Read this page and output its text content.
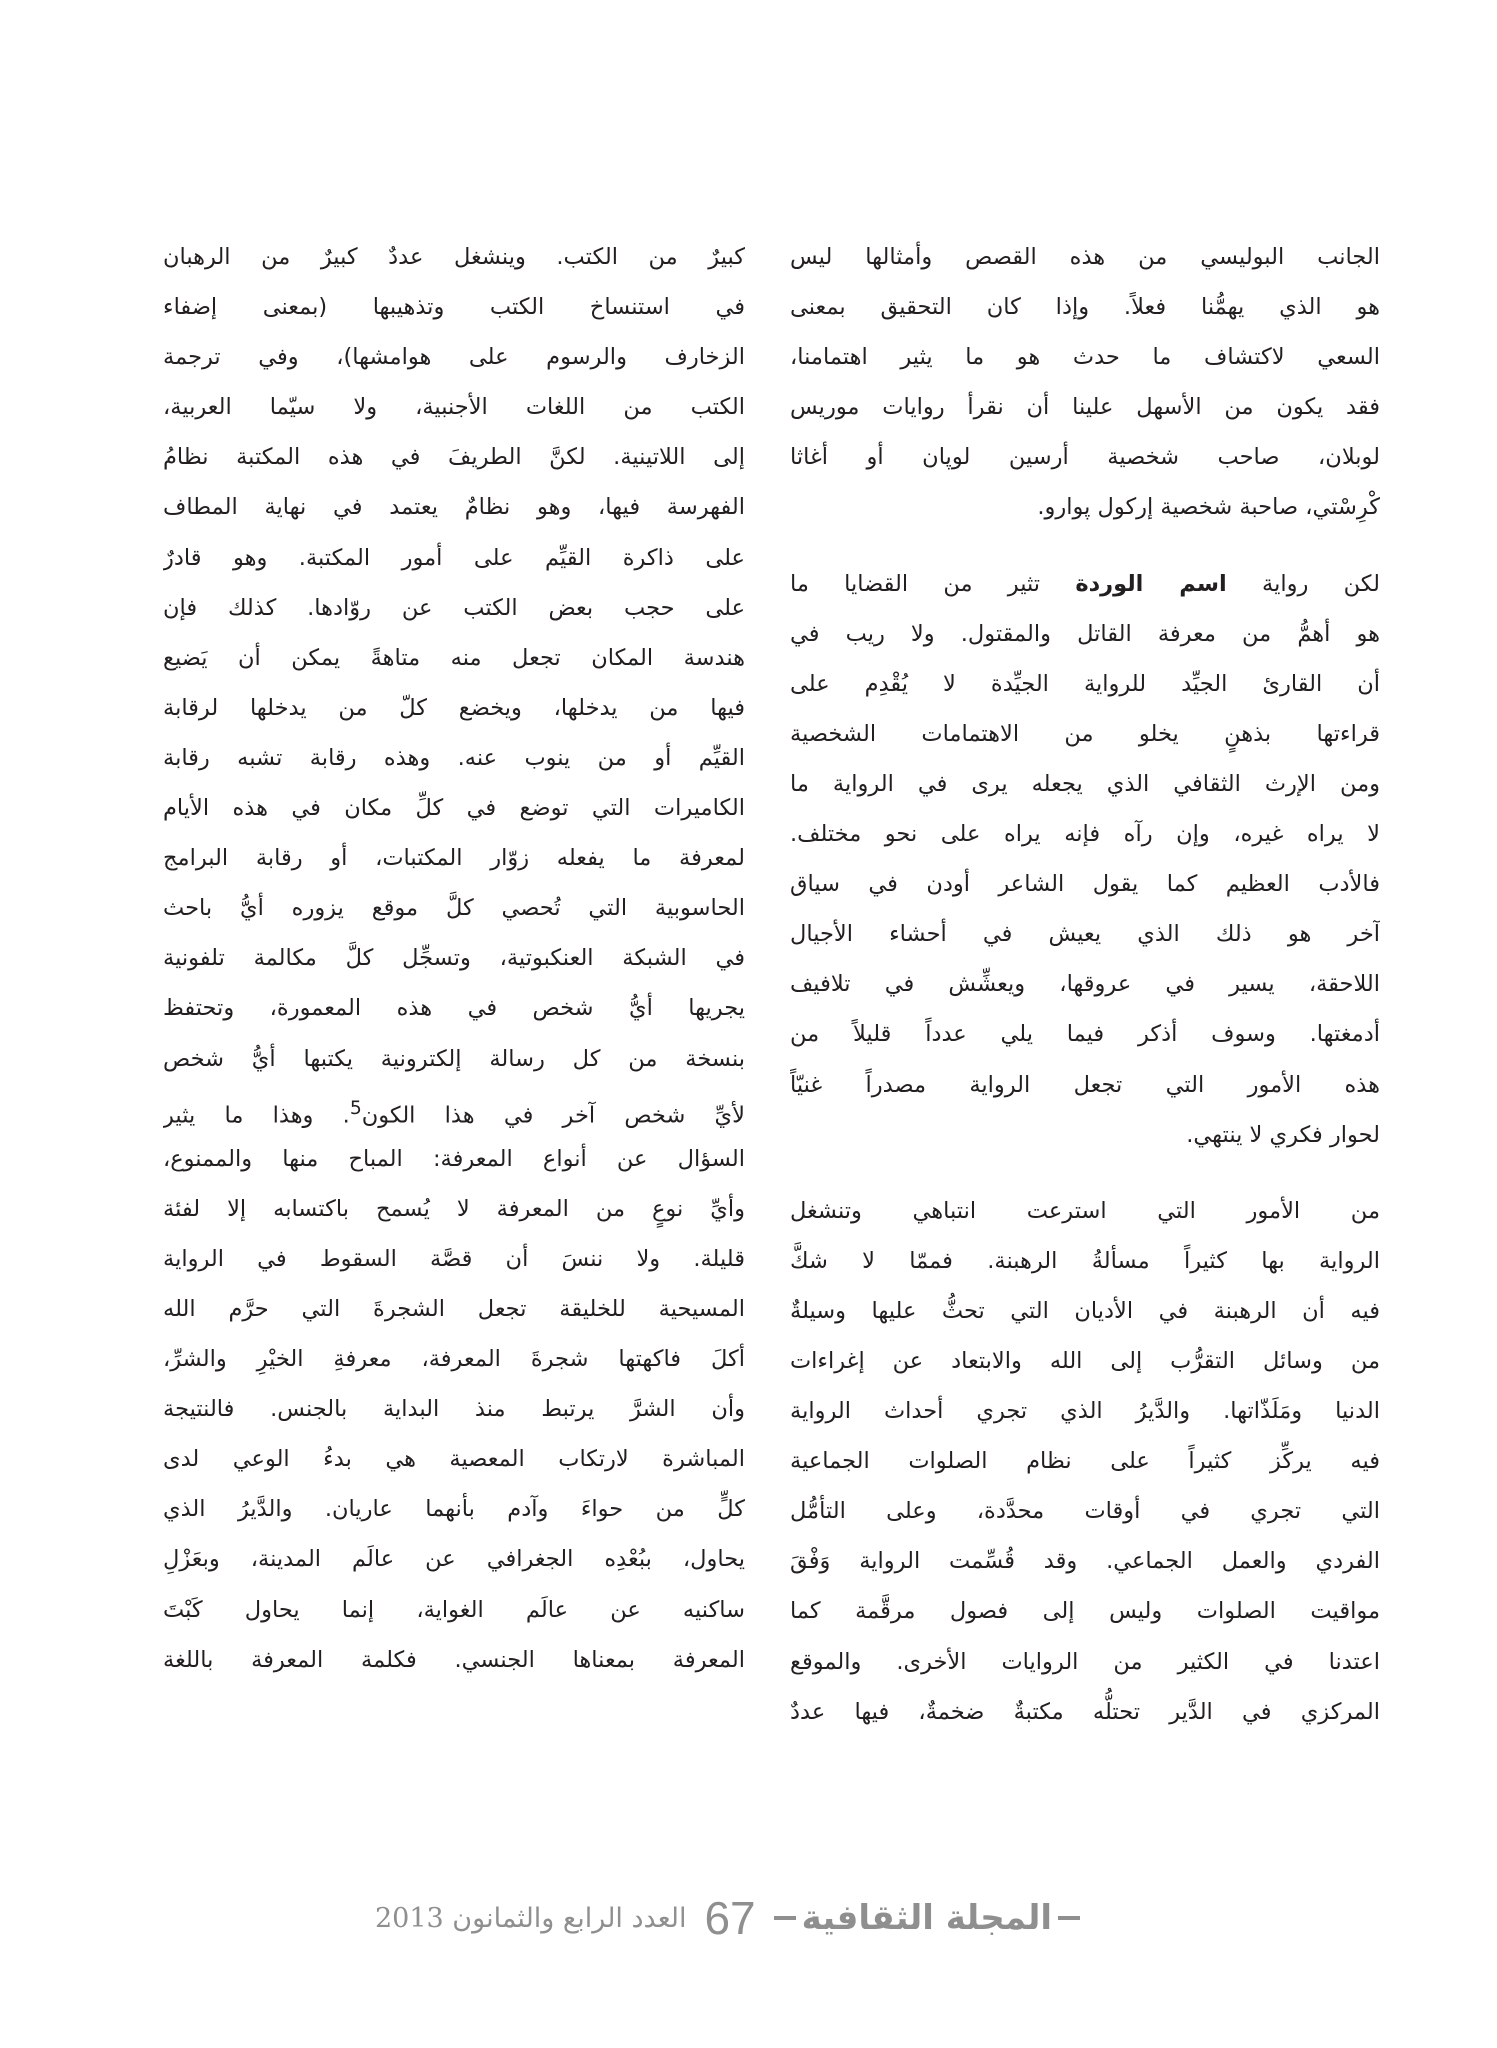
الجانب البوليسي من هذه القصص وأمثالها ليس
هو الذي يهمُّنا فعلاً. وإذا كان التحقيق بمعنى
السعي لاكتشاف ما حدث هو ما يثير اهتمامنا،
فقد يكون من الأسهل علينا أن نقرأ روايات موريس
لوبلان، صاحب شخصية أرسين لوپان أو أغاثا
كْرِسْتي، صاحبة شخصية إركول پوارو.
لكن رواية اسم الوردة تثير من القضايا ما
هو أهمُّ من معرفة القاتل والمقتول. ولا ريب في
أن القارئ الجيِّد للرواية الجيِّدة لا يُقْدِم على
قراءتها بذهنٍ يخلو من الاهتمامات الشخصية
ومن الإرث الثقافي الذي يجعله يرى في الرواية ما
لا يراه غيره، وإن رآه فإنه يراه على نحو مختلف.
فالأدب العظيم كما يقول الشاعر أودن في سياق
آخر هو ذلك الذي يعيش في أحشاء الأجيال
اللاحقة، يسير في عروقها، ويعشِّش في تلافيف
أدمغتها. وسوف أذكر فيما يلي عدداً قليلاً من
هذه الأمور التي تجعل الرواية مصدراً غنيّاً
لحوار فكري لا ينتهي.
من الأمور التي استرعت انتباهي وتنشغل
الرواية بها كثيراً مسألةُ الرهبنة. فممّا لا شكَّ
فيه أن الرهبنة في الأديان التي تحثُّ عليها وسيلةٌ
من وسائل التقرُّب إلى الله والابتعاد عن إغراءات
الدنيا ومَلَذّاتها. والدَّيرُ الذي تجري أحداث الرواية
فيه يركِّز كثيراً على نظام الصلوات الجماعية
التي تجري في أوقات محدَّدة، وعلى التأمُّل
الفردي والعمل الجماعي. وقد قُسِّمت الرواية وَفْقَ
مواقيت الصلوات وليس إلى فصول مرقَّمة كما
اعتدنا في الكثير من الروايات الأخرى. والموقع
المركزي في الدَّير تحتلُّه مكتبةٌ ضخمةٌ، فيها عددٌ
كبيرٌ من الكتب. وينشغل عددٌ كبيرٌ من الرهبان
في استنساخ الكتب وتذهيبها (بمعنى إضفاء
الزخارف والرسوم على هوامشها)، وفي ترجمة
الكتب من اللغات الأجنبية، ولا سيّما العربية،
إلى اللاتينية. لكنَّ الطريفَ في هذه المكتبة نظامُ
الفهرسة فيها، وهو نظامٌ يعتمد في نهاية المطاف
على ذاكرة القيِّم على أمور المكتبة. وهو قادرٌ
على حجب بعض الكتب عن روّادها. كذلك فإن
هندسة المكان تجعل منه متاهةً يمكن أن يَضيع
فيها من يدخلها، ويخضع كلّ من يدخلها لرقابة
القيِّم أو من ينوب عنه. وهذه رقابة تشبه رقابة
الكاميرات التي توضع في كلِّ مكان في هذه الأيام
لمعرفة ما يفعله زوّار المكتبات، أو رقابة البرامج
الحاسوبية التي تُحصي كلَّ موقع يزوره أيُّ باحث
في الشبكة العنكبوتية، وتسجِّل كلَّ مكالمة تلفونية
يجريها أيُّ شخص في هذه المعمورة، وتحتفظ
بنسخة من كل رسالة إلكترونية يكتبها أيُّ شخص
لأيِّ شخص آخر في هذا الكون$^5$. وهذا ما يثير
السؤال عن أنواع المعرفة: المباح منها والممنوع،
وأيِّ نوعٍ من المعرفة لا يُسمح باكتسابه إلا لفئة
قليلة. ولا ننسَ أن قصَّة السقوط في الرواية
المسيحية للخليقة تجعل الشجرةَ التي حرَّم الله
أكلَ فاكهتها شجرةَ المعرفة، معرفةِ الخيْرِ والشرِّ،
وأن الشرَّ يرتبط منذ البداية بالجنس. فالنتيجة
المباشرة لارتكاب المعصية هي بدءُ الوعي لدى
كلٍّ من حواءَ وآدم بأنهما عاريان. والدَّيرُ الذي
يحاول، ببُعْدِه الجغرافي عن عالَم المدينة، وبعَزْلِ
ساكنيه عن عالَم الغواية، إنما يحاول كَبْتَ
المعرفة بمعناها الجنسي. فكلمة المعرفة باللغة
المجلة الثقافية
67
العدد الرابع والثمانون 2013
